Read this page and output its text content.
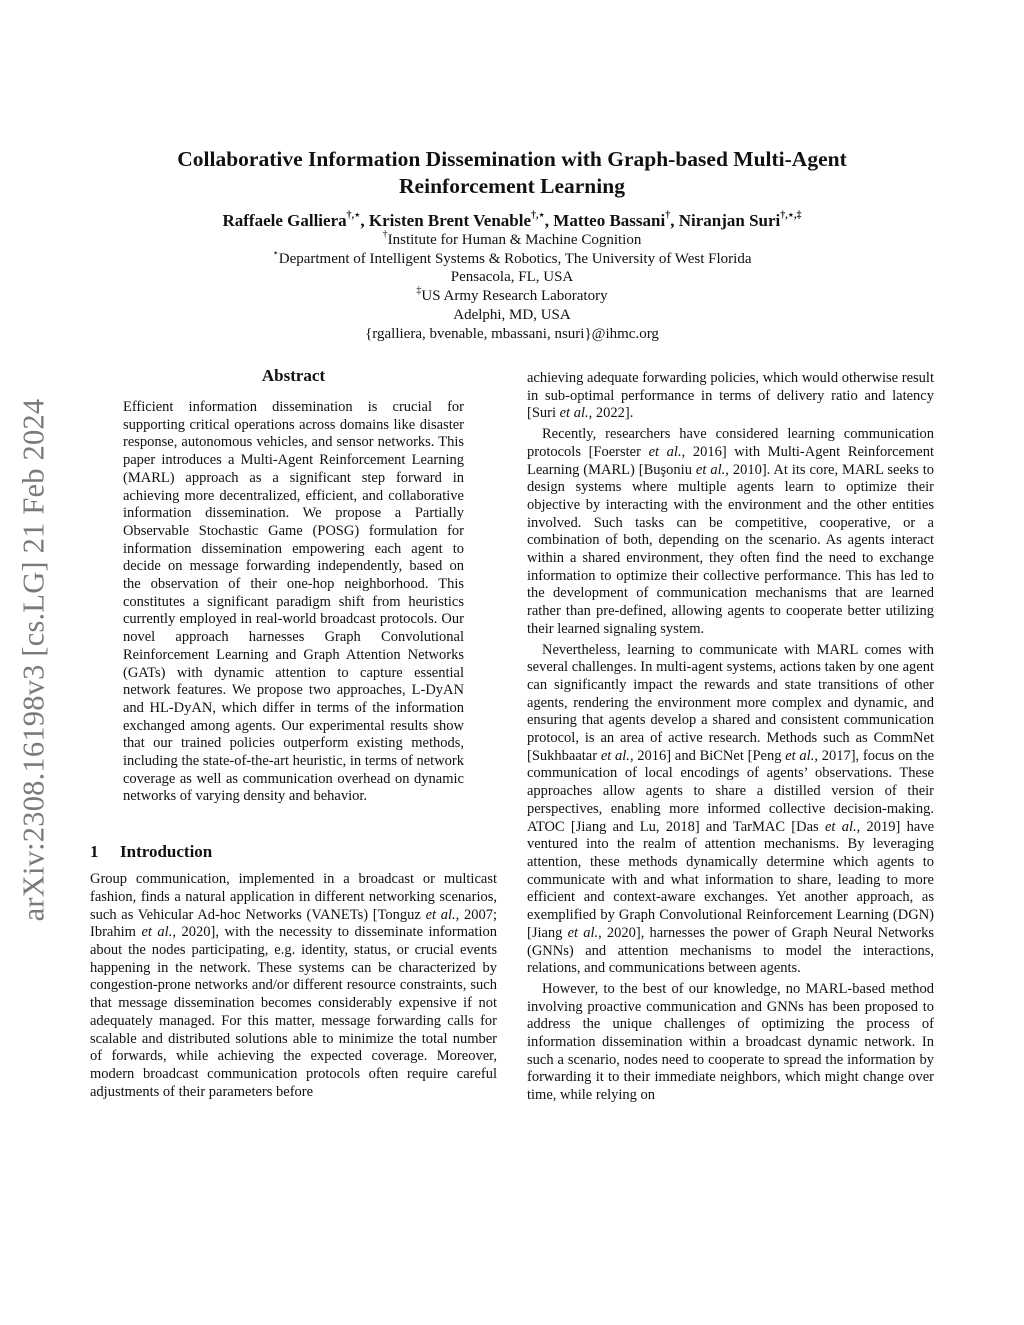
arXiv:2308.16198v3 [cs.LG] 21 Feb 2024
Collaborative Information Dissemination with Graph-based Multi-Agent
Reinforcement Learning
Raffaele Galliera†,⋆, Kristen Brent Venable†,⋆, Matteo Bassani†, Niranjan Suri†,⋆,‡
†Institute for Human & Machine Cognition
⋆Department of Intelligent Systems & Robotics, The University of West Florida
Pensacola, FL, USA
‡US Army Research Laboratory
Adelphi, MD, USA
{rgalliera, bvenable, mbassani, nsuri}@ihmc.org
Abstract
Efficient information dissemination is crucial for supporting critical operations across domains like disaster response, autonomous vehicles, and sensor networks. This paper introduces a Multi-Agent Reinforcement Learning (MARL) approach as a significant step forward in achieving more decentralized, efficient, and collaborative information dissemination. We propose a Partially Observable Stochastic Game (POSG) formulation for information dissemination empowering each agent to decide on message forwarding independently, based on the observation of their one-hop neighborhood. This constitutes a significant paradigm shift from heuristics currently employed in real-world broadcast protocols. Our novel approach harnesses Graph Convolutional Reinforcement Learning and Graph Attention Networks (GATs) with dynamic attention to capture essential network features. We propose two approaches, L-DyAN and HL-DyAN, which differ in terms of the information exchanged among agents. Our experimental results show that our trained policies outperform existing methods, including the state-of-the-art heuristic, in terms of network coverage as well as communication overhead on dynamic networks of varying density and behavior.
1 Introduction

Group communication, implemented in a broadcast or multicast fashion, finds a natural application in different networking scenarios, such as Vehicular Ad-hoc Networks (VANETs) [Tonguz et al., 2007; Ibrahim et al., 2020], with the necessity to disseminate information about the nodes participating, e.g. identity, status, or crucial events happening in the network. These systems can be characterized by congestion-prone networks and/or different resource constraints, such that message dissemination becomes considerably expensive if not adequately managed. For this matter, message forwarding calls for scalable and distributed solutions able to minimize the total number of forwards, while achieving the expected coverage. Moreover, modern broadcast communication protocols often require careful adjustments of their parameters before

achieving adequate forwarding policies, which would otherwise result in sub-optimal performance in terms of delivery ratio and latency [Suri et al., 2022].

Recently, researchers have considered learning communication protocols [Foerster et al., 2016] with Multi-Agent Reinforcement Learning (MARL) [Buşoniu et al., 2010]. At its core, MARL seeks to design systems where multiple agents learn to optimize their objective by interacting with the environment and the other entities involved. Such tasks can be competitive, cooperative, or a combination of both, depending on the scenario. As agents interact within a shared environment, they often find the need to exchange information to optimize their collective performance. This has led to the development of communication mechanisms that are learned rather than pre-defined, allowing agents to cooperate better utilizing their learned signaling system.

Nevertheless, learning to communicate with MARL comes with several challenges. In multi-agent systems, actions taken by one agent can significantly impact the rewards and state transitions of other agents, rendering the environment more complex and dynamic, and ensuring that agents develop a shared and consistent communication protocol, is an area of active research. Methods such as CommNet [Sukhbaatar et al., 2016] and BiCNet [Peng et al., 2017], focus on the communication of local encodings of agents’ observations. These approaches allow agents to share a distilled version of their perspectives, enabling more informed collective decision-making. ATOC [Jiang and Lu, 2018] and TarMAC [Das et al., 2019] have ventured into the realm of attention mechanisms. By leveraging attention, these methods dynamically determine which agents to communicate with and what information to share, leading to more efficient and context-aware exchanges. Yet another approach, as exemplified by Graph Convolutional Reinforcement Learning (DGN) [Jiang et al., 2020], harnesses the power of Graph Neural Networks (GNNs) and attention mechanisms to model the interactions, relations, and communications between agents.

However, to the best of our knowledge, no MARL-based method involving proactive communication and GNNs has been proposed to address the unique challenges of optimizing the process of information dissemination within a broadcast dynamic network. In such a scenario, nodes need to cooperate to spread the information by forwarding it to their immediate neighbors, which might change over time, while relying on
